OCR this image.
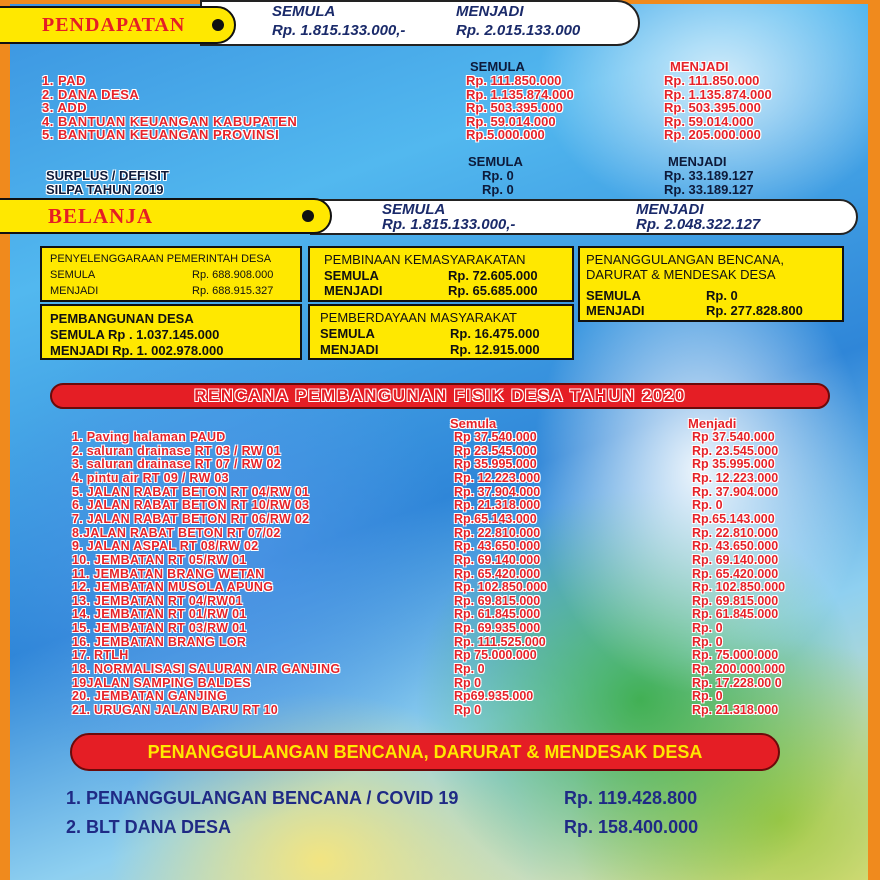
PENDAPATAN
SEMULA	MENJADI
Rp. 1.815.133.000,-	Rp. 2.015.133.000
SEMULA	MENJADI
1. PAD	Rp. 111.850.000	Rp. 111.850.000
2. DANA DESA	Rp. 1.135.874.000	Rp. 1.135.874.000
3. ADD	Rp. 503.395.000	Rp. 503.395.000
4. BANTUAN KEUANGAN KABUPATEN	Rp. 59.014.000	Rp. 59.014.000
5. BANTUAN KEUANGAN PROVINSI	Rp.5.000.000	Rp. 205.000.000
SEMULA	MENJADI
SURPLUS / DEFISIT	Rp. 0	Rp. 33.189.127
SILPA TAHUN 2019	Rp. 0	Rp. 33.189.127
BELANJA	SEMULA	MENJADI
Rp. 1.815.133.000,-	Rp. 2.048.322.127
PENYELENGGARAAN PEMERINTAH DESA
SEMULA	Rp. 688.908.000
MENJADI	Rp. 688.915.327
PEMBANGUNAN DESA
SEMULA Rp . 1.037.145.000
MENJADI Rp. 1. 002.978.000
PEMBINAAN KEMASYARAKATAN
SEMULA	Rp. 72.605.000
MENJADI	Rp. 65.685.000
PEMBERDAYAAN MASYARAKAT
SEMULA	Rp. 16.475.000
MENJADI	Rp. 12.915.000
PENANGGULANGAN BENCANA,
DARURAT & MENDESAK DESA
SEMULA	Rp. 0
MENJADI	Rp. 277.828.800
RENCANA PEMBANGUNAN FISIK DESA TAHUN 2020
Semula	Menjadi
1. Paving halaman PAUD	Rp 37.540.000	Rp 37.540.000
2. saluran drainase RT 03 / RW 01	Rp 23.545.000	Rp. 23.545.000
3. saluran drainase RT 07 / RW 02	Rp 35.995.000	Rp 35.995.000
4. pintu air RT 09 / RW 03	Rp. 12.223.000	Rp. 12.223.000
5. JALAN RABAT BETON RT 04/RW 01	Rp. 37.904.000	Rp. 37.904.000
6. JALAN RABAT BETON RT 10/RW 03	Rp. 21.318.000	Rp. 0
7. JALAN RABAT BETON RT 06/RW 02	Rp.65.143.000	Rp.65.143.000
8.JALAN RABAT BETON RT 07/02	Rp. 22.810.000	Rp. 22.810.000
9. JALAN ASPAL RT 08/RW 02	Rp. 43.650.000	Rp. 43.650.000
10. JEMBATAN RT 05/RW 01	Rp. 69.140.000	Rp. 69.140.000
11. JEMBATAN BRANG WETAN	Rp. 65.420.000	Rp. 65.420.000
12. JEMBATAN MUSOLA APUNG	Rp. 102.850.000	Rp. 102.850.000
13. JEMBATAN RT 04/RW01	Rp. 69.815.000	Rp. 69.815.000
14. JEMBATAN RT 01/RW 01	Rp. 61.845.000	Rp. 61.845.000
15. JEMBATAN RT 03/RW 01	Rp. 69.935.000	Rp. 0
16. JEMBATAN BRANG LOR	Rp. 111.525.000	Rp. 0
17. RTLH	Rp 75.000.000	Rp. 75.000.000
18. NORMALISASI SALURAN AIR GANJING	Rp. 0	Rp. 200.000.000
19JALAN SAMPING BALDES	Rp 0	Rp. 17.228.00 0
20. JEMBATAN GANJING	Rp69.935.000	Rp. 0
21. URUGAN JALAN BARU RT 10	Rp 0	Rp. 21.318.000
PENANGGULANGAN BENCANA, DARURAT & MENDESAK DESA
1. PENANGGULANGAN BENCANA / COVID 19	Rp. 119.428.800
2. BLT DANA DESA	Rp. 158.400.000
